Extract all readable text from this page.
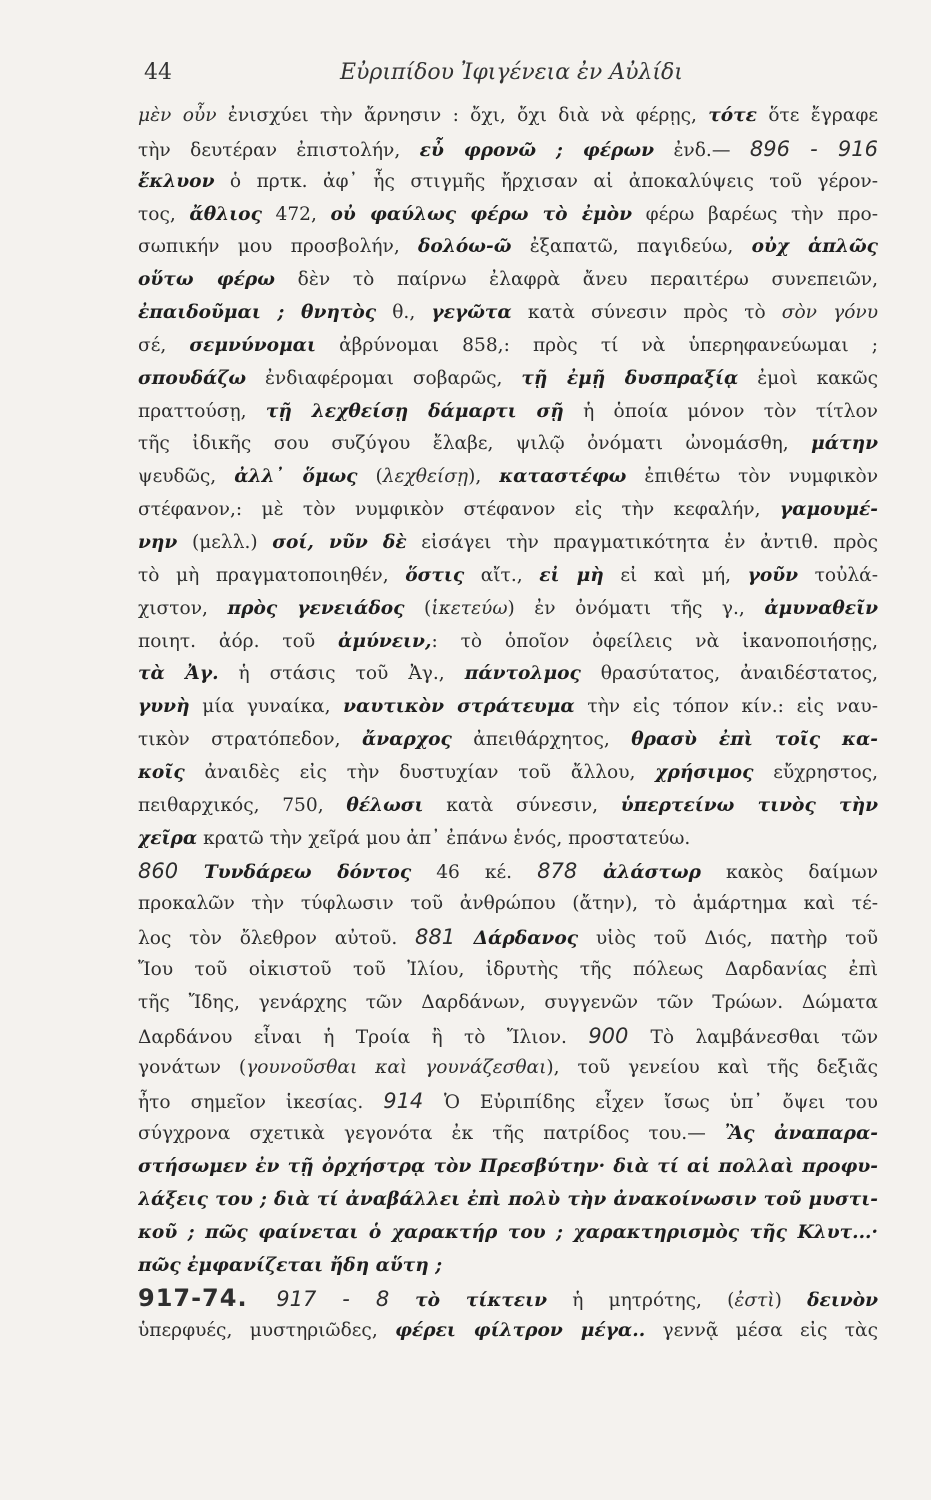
44	Εὐριπίδου Ἰφιγένεια ἐν Αὐλίδι
μὲν οὖν ἐνισχύει τὴν ἄρνησιν : ὄχι, ὄχι διὰ νὰ φέρῃς, τότε ὅτε ἔγραφε
τὴν δευτέραν ἐπιστολήν, εὖ φρονῶ ; φέρων ἐνδ.— 896 - 916
ἔκλυον ὁ πρτκ. ἀφ᾽ ἧς στιγμῆς ἤρχισαν αἱ ἀποκαλύψεις τοῦ γέρον-
τος, ἄθλιος 472, οὐ φαύλως φέρω τὸ ἐμὸν φέρω βαρέως τὴν προ-
σωπικήν μου προσβολήν, δολόω-ῶ ἐξαπατῶ, παγιδεύω, οὐχ ἁπλῶς
οὕτω φέρω δὲν τὸ παίρνω ἐλαφρὰ ἄνευ περαιτέρω συνεπειῶν,
ἐπαιδοῦμαι ; θνητὸς θ., γεγῶτα κατὰ σύνεσιν πρὸς τὸ σὸν γόνυ
σέ, σεμνύνομαι ἀβρύνομαι 858,: πρὸς τί νὰ ὑπερηφανεύωμαι ;
σπουδάζω ἐνδιαφέρομαι σοβαρῶς, τῇ ἐμῇ δυσπραξίᾳ ἐμοὶ κακῶς
πραττούσῃ, τῇ λεχθείσῃ δάμαρτι σῇ ἡ ὁποία μόνον τὸν τίτλον
τῆς ἰδικῆς σου συζύγου ἔλαβε, ψιλῷ ὀνόματι ὠνομάσθη, μάτην
ψευδῶς, ἀλλ᾽ ὅμως (λεχθείσῃ), καταστέφω ἐπιθέτω τὸν νυμφικὸν
στέφανον,: μὲ τὸν νυμφικὸν στέφανον εἰς τὴν κεφαλήν, γαμουμέ-
νην (μελλ.) σοί, νῦν δὲ εἰσάγει τὴν πραγματικότητα ἐν ἀντιθ. πρὸς
τὸ μὴ πραγματοποιηθέν, ὅστις αἴτ., εἰ μὴ εἰ καὶ μή, γοῦν τοὐλά-
χιστον, πρὸς γενειάδος (ἱκετεύω) ἐν ὀνόματι τῆς γ., ἀμυναθεῖν
ποιητ. ἀόρ. τοῦ ἀμύνειν,: τὸ ὁποῖον ὀφείλεις νὰ ἱκανοποιήσῃς,
τὰ Ἀγ. ἡ στάσις τοῦ Ἀγ., πάντολμος θρασύτατος, ἀναιδέστατος,
γυνὴ μία γυναίκα, ναυτικὸν στράτευμα τὴν εἰς τόπον κίν.: εἰς ναυ-
τικὸν στρατόπεδον, ἄναρχος ἀπειθάρχητος, θρασὺ ἐπὶ τοῖς κα-
κοῖς ἀναιδὲς εἰς τὴν δυστυχίαν τοῦ ἄλλου, χρήσιμος εὔχρηστος,
πειθαρχικός, 750, θέλωσι κατὰ σύνεσιν, ὑπερτείνω τινὸς τὴν
χεῖρα κρατῶ τὴν χεῖρά μου ἀπ᾽ ἐπάνω ἑνός, προστατεύω.
860 Τυνδάρεω δόντος 46 κέ. 878 ἀλάστωρ κακὸς δαίμων
προκαλῶν τὴν τύφλωσιν τοῦ ἀνθρώπου (ἄτην), τὸ ἁμάρτημα καὶ τέ-
λος τὸν ὄλεθρον αὐτοῦ. 881 Δάρδανος υἱὸς τοῦ Διός, πατὴρ τοῦ
Ἴου τοῦ οἰκιστοῦ τοῦ Ἰλίου, ἱδρυτὴς τῆς πόλεως Δαρδανίας ἐπὶ
τῆς Ἴδης, γενάρχης τῶν Δαρδάνων, συγγενῶν τῶν Τρώων. Δώματα
Δαρδάνου εἶναι ἡ Τροία ἢ τὸ Ἴλιον. 900 Τὸ λαμβάνεσθαι τῶν
γονάτων (γουνοῦσθαι καὶ γουνάζεσθαι), τοῦ γενείου καὶ τῆς δεξιᾶς
ἦτο σημεῖον ἱκεσίας. 914 Ὁ Εὐριπίδης εἶχεν ἴσως ὑπ᾽ ὄψει του
σύγχρονα σχετικὰ γεγονότα ἐκ τῆς πατρίδος του.— Ἂς ἀναπαρα-
στήσωμεν ἐν τῇ ὀρχήστρᾳ τὸν Πρεσβύτην· διὰ τί αἱ πολλαὶ προφυ-
λάξεις του ; διὰ τί ἀναβάλλει ἐπὶ πολὺ τὴν ἀνακοίνωσιν τοῦ μυστι-
κοῦ ; πῶς φαίνεται ὁ χαρακτήρ του ; χαρακτηρισμὸς τῆς Κλυτ...·
πῶς ἐμφανίζεται ἤδη αὕτη ;
917-74. 917 - 8 τὸ τίκτειν ἡ μητρότης, (ἐστὶ) δεινὸν
ὑπερφυές, μυστηριῶδες, φέρει φίλτρον μέγα.. γεννᾷ μέσα εἰς τὰς
